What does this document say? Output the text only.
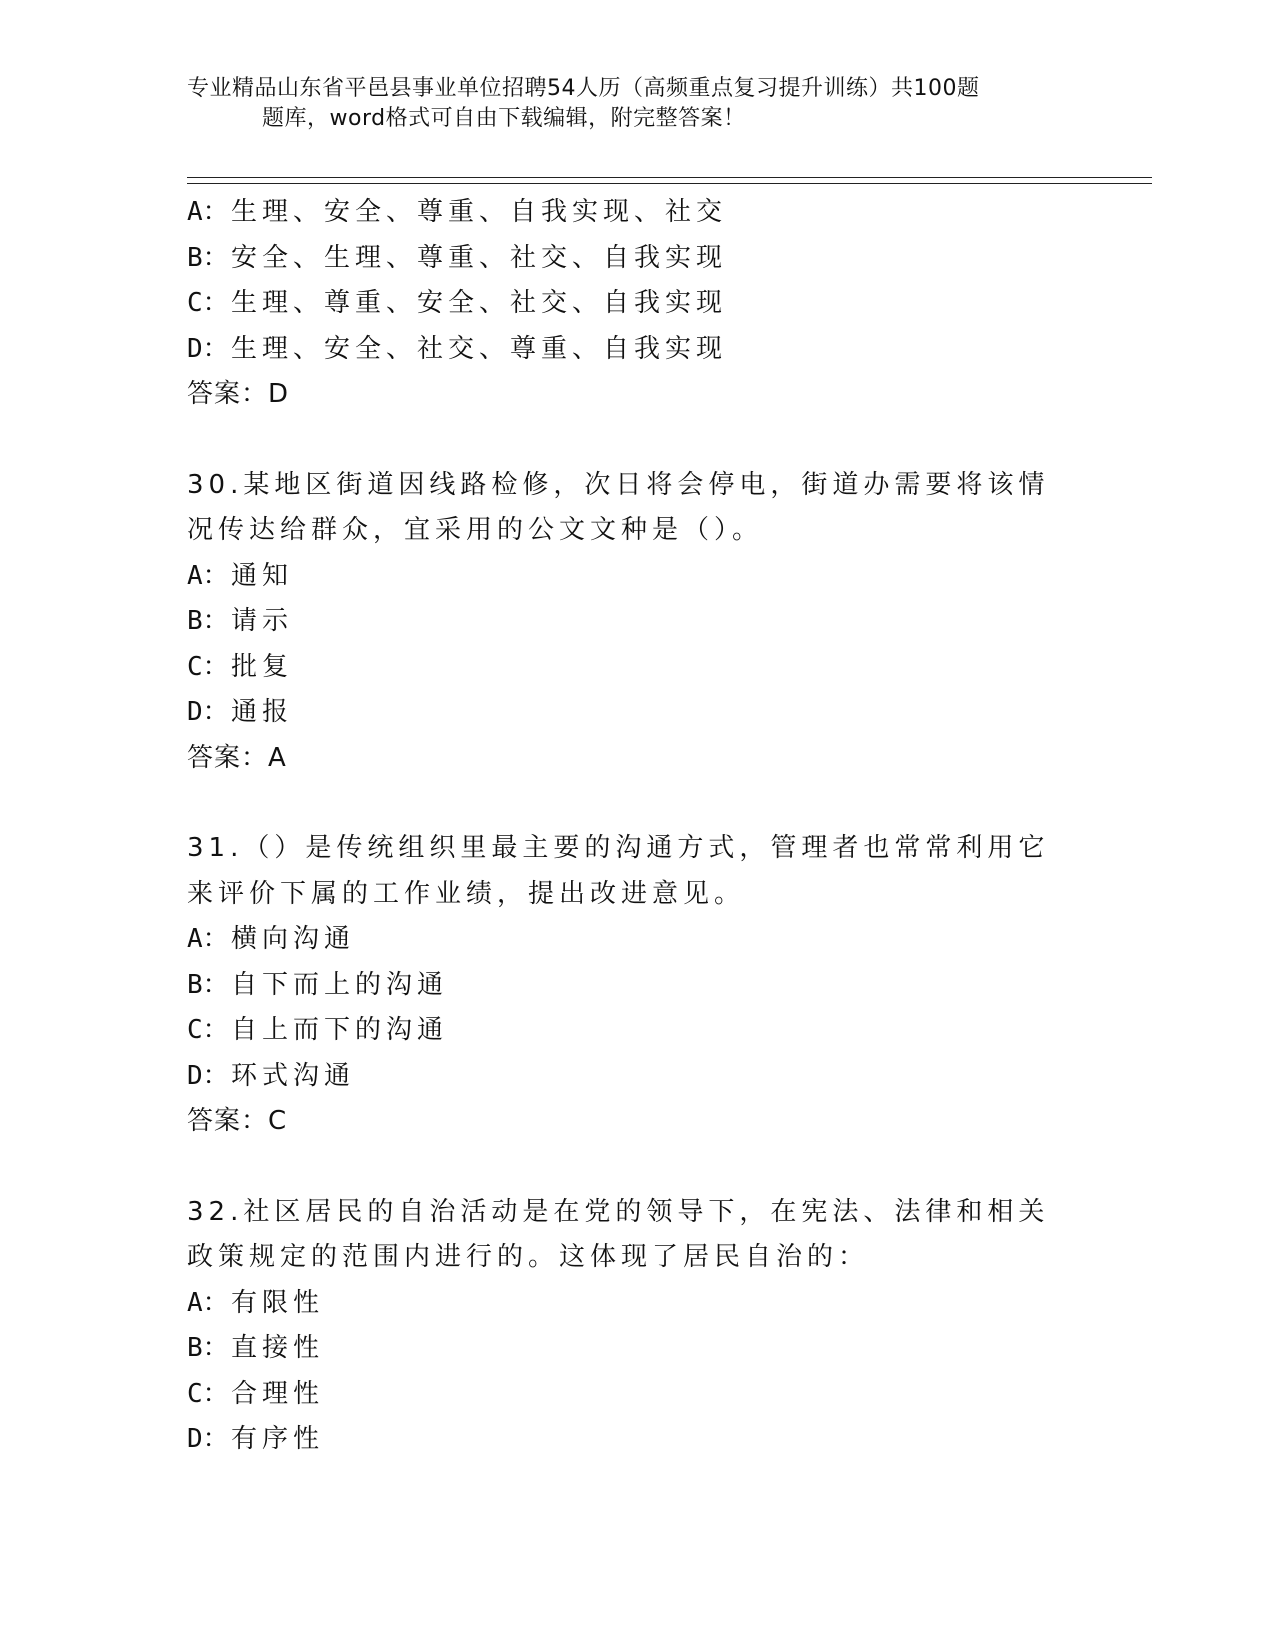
专业精品山东省平邑县事业单位招聘54人历（高频重点复习提升训练）共100题
题库，word格式可自由下载编辑，附完整答案！
A：生理、安全、尊重、自我实现、社交
B：安全、生理、尊重、社交、自我实现
C：生理、尊重、安全、社交、自我实现
D：生理、安全、社交、尊重、自我实现
答案：D
30.某地区街道因线路检修，次日将会停电，街道办需要将该情况传达给群众，宜采用的公文文种是（）。
A：通知
B：请示
C：批复
D：通报
答案：A
31.（）是传统组织里最主要的沟通方式，管理者也常常利用它来评价下属的工作业绩，提出改进意见。
A：横向沟通
B：自下而上的沟通
C：自上而下的沟通
D：环式沟通
答案：C
32.社区居民的自治活动是在党的领导下，在宪法、法律和相关政策规定的范围内进行的。这体现了居民自治的：
A：有限性
B：直接性
C：合理性
D：有序性
